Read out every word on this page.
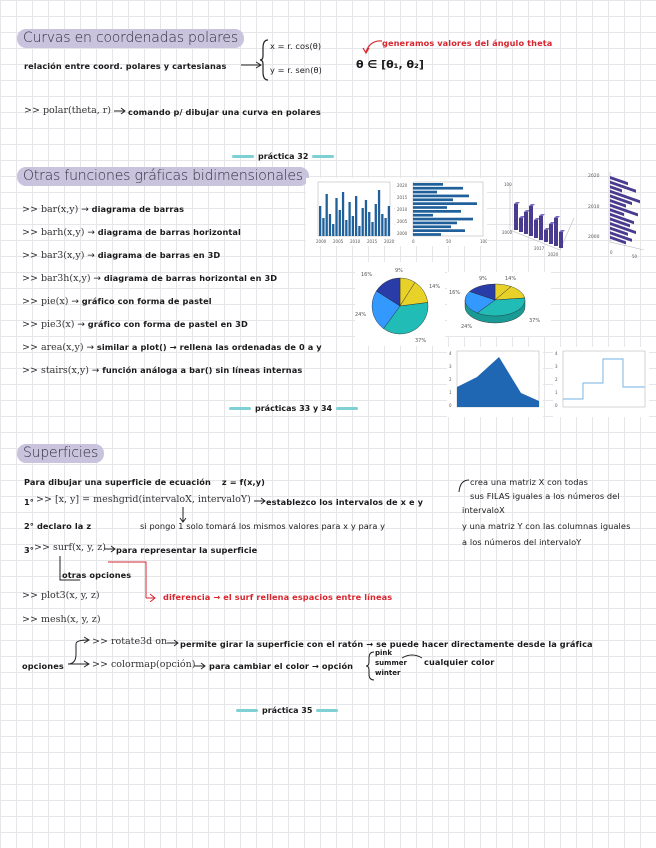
Curvas en coordenadas polares
relación entre coord. polares y cartesianas
x = r. cos(θ)
y = r. sen(θ)
generamos valores del ángulo theta
θ ∈ [θ₁, θ₂]
>> polar(theta, r) comando p/ dibujar una curva en polares
práctica 32
Otras funciones gráficas bidimensionales
>> bar(x,y) → diagrama de barras
>> barh(x,y) → diagrama de barras horizontal
>> bar3(x,y) → diagrama de barras en 3D
>> bar3h(x,y) → diagrama de barras horizontal en 3D
>> pie(x) → gráfico con forma de pastel
>> pie3(x) → gráfico con forma de pastel en 3D
>> area(x,y) → similar a plot() → rellena las ordenadas de 0 a y
>> stairs(x,y) → función análoga a bar() sin líneas internas
prácticas 33 y 34
2000 2005 2010 2015 2020
2020
2015
2010
2005
2000
0	50	100
100
2000
2017
2020
2020
2010
2000
0
50
16%
9%
14%
24%
37%
9%	14%
16%
24%
37%
4
3
2
1
0
4
3
2
1
0
Superficies
Para dibujar una superficie de ecuación z = f(x,y)
1° >> [x, y] = meshgrid(intervaloX, intervaloY) establezco los intervalos de x e y
crea una matriz X con todas
sus FILAS iguales a los números del
intervaloX
y una matriz Y con las columnas iguales
a los números del intervaloY
2° declaro la z	si pongo 1 solo tomará los mismos valores para x y para y
3° >> surf(x, y, z) para representar la superficie
otras opciones
>> plot3(x, y, z)	diferencia → el surf rellena espacios entre líneas
>> mesh(x, y, z)
opciones
>> rotate3d on permite girar la superficie con el ratón → se puede hacer directamente desde la gráfica
>> colormap(opción) para cambiar el color → opción
pink
summer
winter
cualquier color
práctica 35
